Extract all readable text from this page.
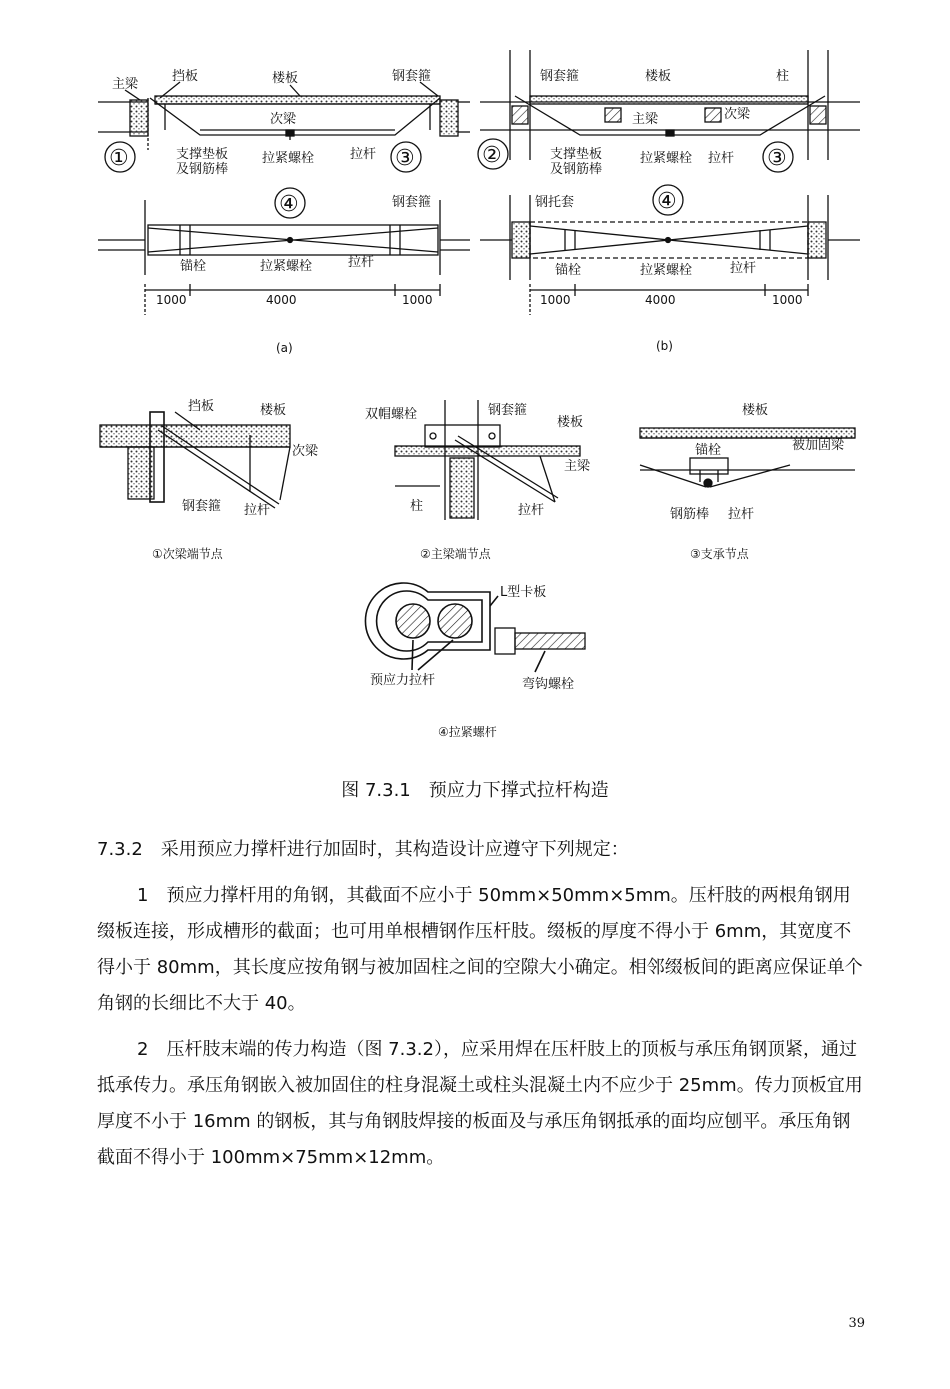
主梁
挡板	楼板	钢套箍
次梁
支撑垫板
及钢筋棒
拉紧螺栓	拉杆
①	③
④	钢套箍
锚栓	拉紧螺栓	拉杆
1000	4000	1000
(a)
钢套箍	楼板	柱
主梁	次梁
支撑垫板
及钢筋棒
拉紧螺栓 拉杆
②	③
④
钢托套
锚栓	拉紧螺栓	拉杆
1000	4000	1000
(b)
挡板	楼板
次梁
钢套箍 拉杆
①次梁端节点
双帽螺栓	钢套箍
楼板
主梁
柱	拉杆
②主梁端节点
楼板
被加固梁
锚栓
钢筋棒 拉杆
③支承节点
L型卡板
预应力拉杆	弯钩螺栓
④拉紧螺杆
图 7.3.1　预应力下撑式拉杆构造

7.3.2　采用预应力撑杆进行加固时，其构造设计应遵守下列规定：

1　预应力撑杆用的角钢，其截面不应小于 50mm×50mm×5mm。压杆肢的两根角钢用缀板连接，形成槽形的截面；也可用单根槽钢作压杆肢。缀板的厚度不得小于 6mm，其宽度不得小于 80mm，其长度应按角钢与被加固柱之间的空隙大小确定。相邻缀板间的距离应保证单个角钢的长细比不大于 40。

2　压杆肢末端的传力构造（图 7.3.2），应采用焊在压杆肢上的顶板与承压角钢顶紧，通过抵承传力。承压角钢嵌入被加固住的柱身混凝土或柱头混凝土内不应少于 25mm。传力顶板宜用厚度不小于 16mm 的钢板，其与角钢肢焊接的板面及与承压角钢抵承的面均应刨平。承压角钢截面不得小于 100mm×75mm×12mm。

39
